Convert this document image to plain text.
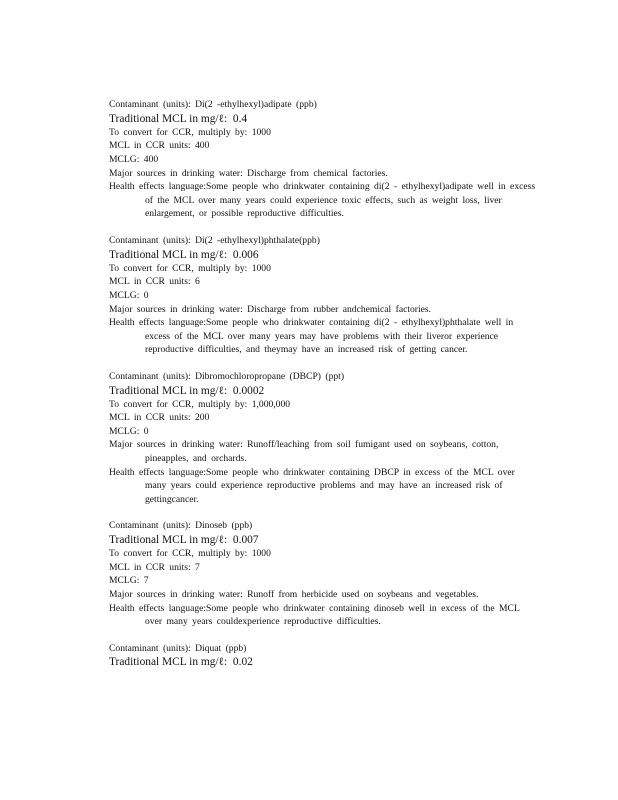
Contaminant (units): Di(2 -ethylhexyl)adipate (ppb)
Traditional MCL in mg/ℓ: 0.4
To convert for CCR, multiply by: 1000
MCL in CCR units: 400
MCLG: 400
Major sources in drinking water: Discharge from chemical factories.
Health effects language:Some people who drinkwater containing di(2 - ethylhexyl)adipate well in excess of the MCL over many years could experience toxic effects, such as weight loss, liver enlargement, or possible reproductive difficulties.
Contaminant (units): Di(2 -ethylhexyl)phthalate(ppb)
Traditional MCL in mg/ℓ: 0.006
To convert for CCR, multiply by: 1000
MCL in CCR units: 6
MCLG: 0
Major sources in drinking water: Discharge from rubber andchemical factories.
Health effects language:Some people who drinkwater containing di(2 - ethylhexyl)phthalate well in excess of the MCL over many years may have problems with their liveror experience reproductive difficulties, and theymay have an increased risk of getting cancer.
Contaminant (units): Dibromochloropropane (DBCP) (ppt)
Traditional MCL in mg/ℓ: 0.0002
To convert for CCR, multiply by: 1,000,000
MCL in CCR units: 200
MCLG: 0
Major sources in drinking water: Runoff/leaching from soil fumigant used on soybeans, cotton, pineapples, and orchards.
Health effects language:Some people who drinkwater containing DBCP in excess of the MCL over many years could experience reproductive problems and may have an increased risk of gettingcancer.
Contaminant (units): Dinoseb (ppb)
Traditional MCL in mg/ℓ: 0.007
To convert for CCR, multiply by: 1000
MCL in CCR units: 7
MCLG: 7
Major sources in drinking water: Runoff from herbicide used on soybeans and vegetables.
Health effects language:Some people who drinkwater containing dinoseb well in excess of the MCL over many years couldexperience reproductive difficulties.
Contaminant (units): Diquat (ppb)
Traditional MCL in mg/ℓ: 0.02
